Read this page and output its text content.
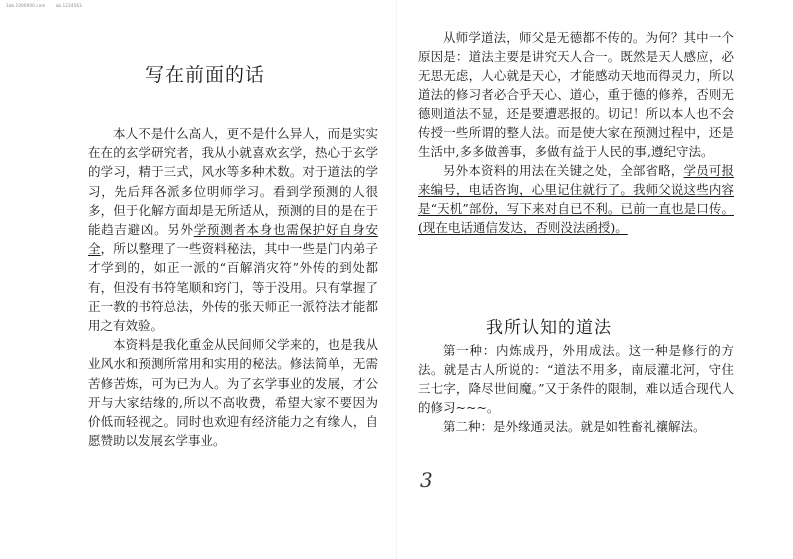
3ab.1000000.com       ab.1234563

写在前面的话

本人不是什么高人，更不是什么异人，而是实实在在的玄学研究者，我从小就喜欢玄学，热心于玄学的学习，精于三式，风水等多种术数。对于道法的学习，先后拜各派多位明师学习。看到学预测的人很多，但于化解方面却是无所适从，预测的目的是在于能趋吉避凶。另外学预测者本身也需保护好自身安全，所以整理了一些资料秘法，其中一些是门内弟子才学到的，如正一派的“百解消灾符”外传的到处都有，但没有书符笔顺和窍门，等于没用。只有掌握了正一教的书符总法，外传的张天师正一派符法才能都用之有效验。

本资料是我化重金从民间师父学来的，也是我从业风水和预测所常用和实用的秘法。修法简单，无需苦修苦炼，可为已为人。为了玄学事业的发展，才公开与大家结缘的,所以不高收费，希望大家不要因为价低而轻视之。同时也欢迎有经济能力之有缘人，自愿赞助以发展玄学事业。

从师学道法，师父是无德都不传的。为何？其中一个原因是：道法主要是讲究天人合一。既然是天人感应，必无思无虑，人心就是天心，才能感动天地而得灵力，所以道法的修习者必合乎天心、道心，重于德的修养，否则无德则道法不显，还是要遭恶报的。切记！所以本人也不会传授一些所谓的整人法。而是使大家在预测过程中，还是生活中,多多做善事，多做有益于人民的事,遵纪守法。

另外本资料的用法在关键之处，全部省略，学员可报来编号，电话咨询，心里记住就行了。我师父说这些内容是“天机”部份，写下来对自已不利。已前一直也是口传。(现在电话通信发达，否则没法函授)。

我所认知的道法

第一种：内炼成丹，外用成法。这一种是修行的方法。就是古人所说的：“道法不用多，南辰灌北河，守住三七字，降尽世间魔。”又于条件的限制，难以适合现代人的修习~~~。

第二种：是外缘通灵法。就是如牲畜礼禳解法。

3
